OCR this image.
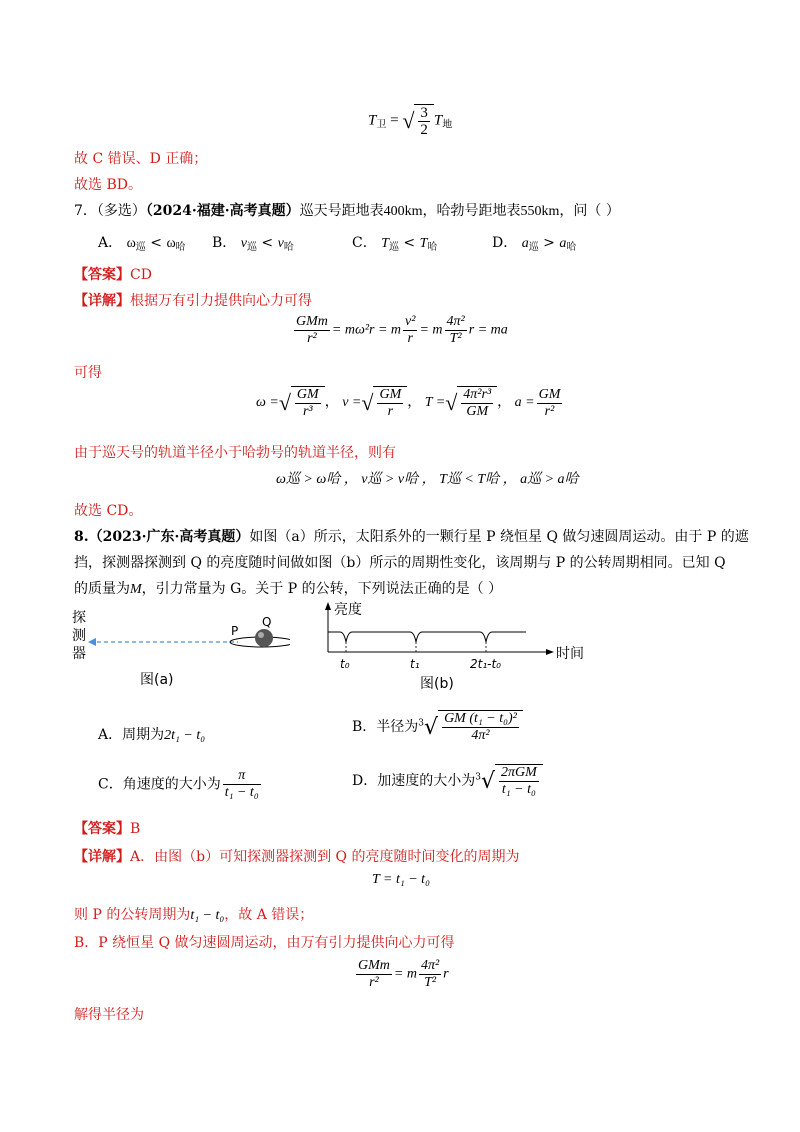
$T_卫$ = √ $\frac{3}{2} T_地$
故 C 错误、D 正确；
故选 BD。
7．（多选）（2024·福建·高考真题）巡天号距地表400km，哈勃号距地表550km，问（ ）
A． $\omega_巡 < \omega_哈$ B． $v_巡 < v_哈$	C． $T_巡 < T_哈$	D． $a_巡 > a_哈$
【答案】CD
【详解】根据万有引力提供向心力可得
$\frac{\text{GMm}}{\text{r²}} = m\omega^2r = m \frac{\text{v²}}{r} = m \frac{\text{4π²}}{\text{T²}}$ r = ma
可得
ω =√ $\frac{GM}{\text{r³}}$ ， v =√ $\frac{GM}{r}$ ， T =√ $\frac{\text{4π²r³}}{GM}$ ， $a = \frac{GM}{\text{r²}}$
由于巡天号的轨道半径小于哈勃号的轨道半径，则有
ω巡 > ω哈 ， v巡 > v哈 ， T巡 < T哈 ， a巡 > a哈
故选 CD。
8.（2023·广东·高考真题）如图（a）所示，太阳系外的一颗行星 P 绕恒星 Q 做匀速圆周运动。由于 P 的遮
挡，探测器探测到 Q 的亮度随时间做如图（b）所示的周期性变化，该周期与 P 的公转周期相同。已知 Q
的质量为M，引力常量为 G。关于 P 的公转，下列说法正确的是（ ）
探
测
器
P
Q
图(a)
亮度
时间
t₀	t₁	2t₁-t₀
图(b)
A．周期为2t₁ − t₀
B．半径为$^3√ \frac{\text{GM (t₁ − t₀)²}}{\text{4π²}}$
C．角速度的大小为 $\frac{\pi}{\text{t₁ − t₀}}$	D．加速度的大小为$^3√ \frac{\text{2πGM}}{\text{t₁ − t₀}}$
【答案】B
【详解】A．由图（b）可知探测器探测到 Q 的亮度随时间变化的周期为
T = t₁ − t₀
则 P 的公转周期为t₁ − t₀，故 A 错误；
B．P 绕恒星 Q 做匀速圆周运动，由万有引力提供向心力可得
$\frac{\text{GMm}}{\text{r²}} = m \frac{\text{4π²}}{\text{T²}}$ r
解得半径为
